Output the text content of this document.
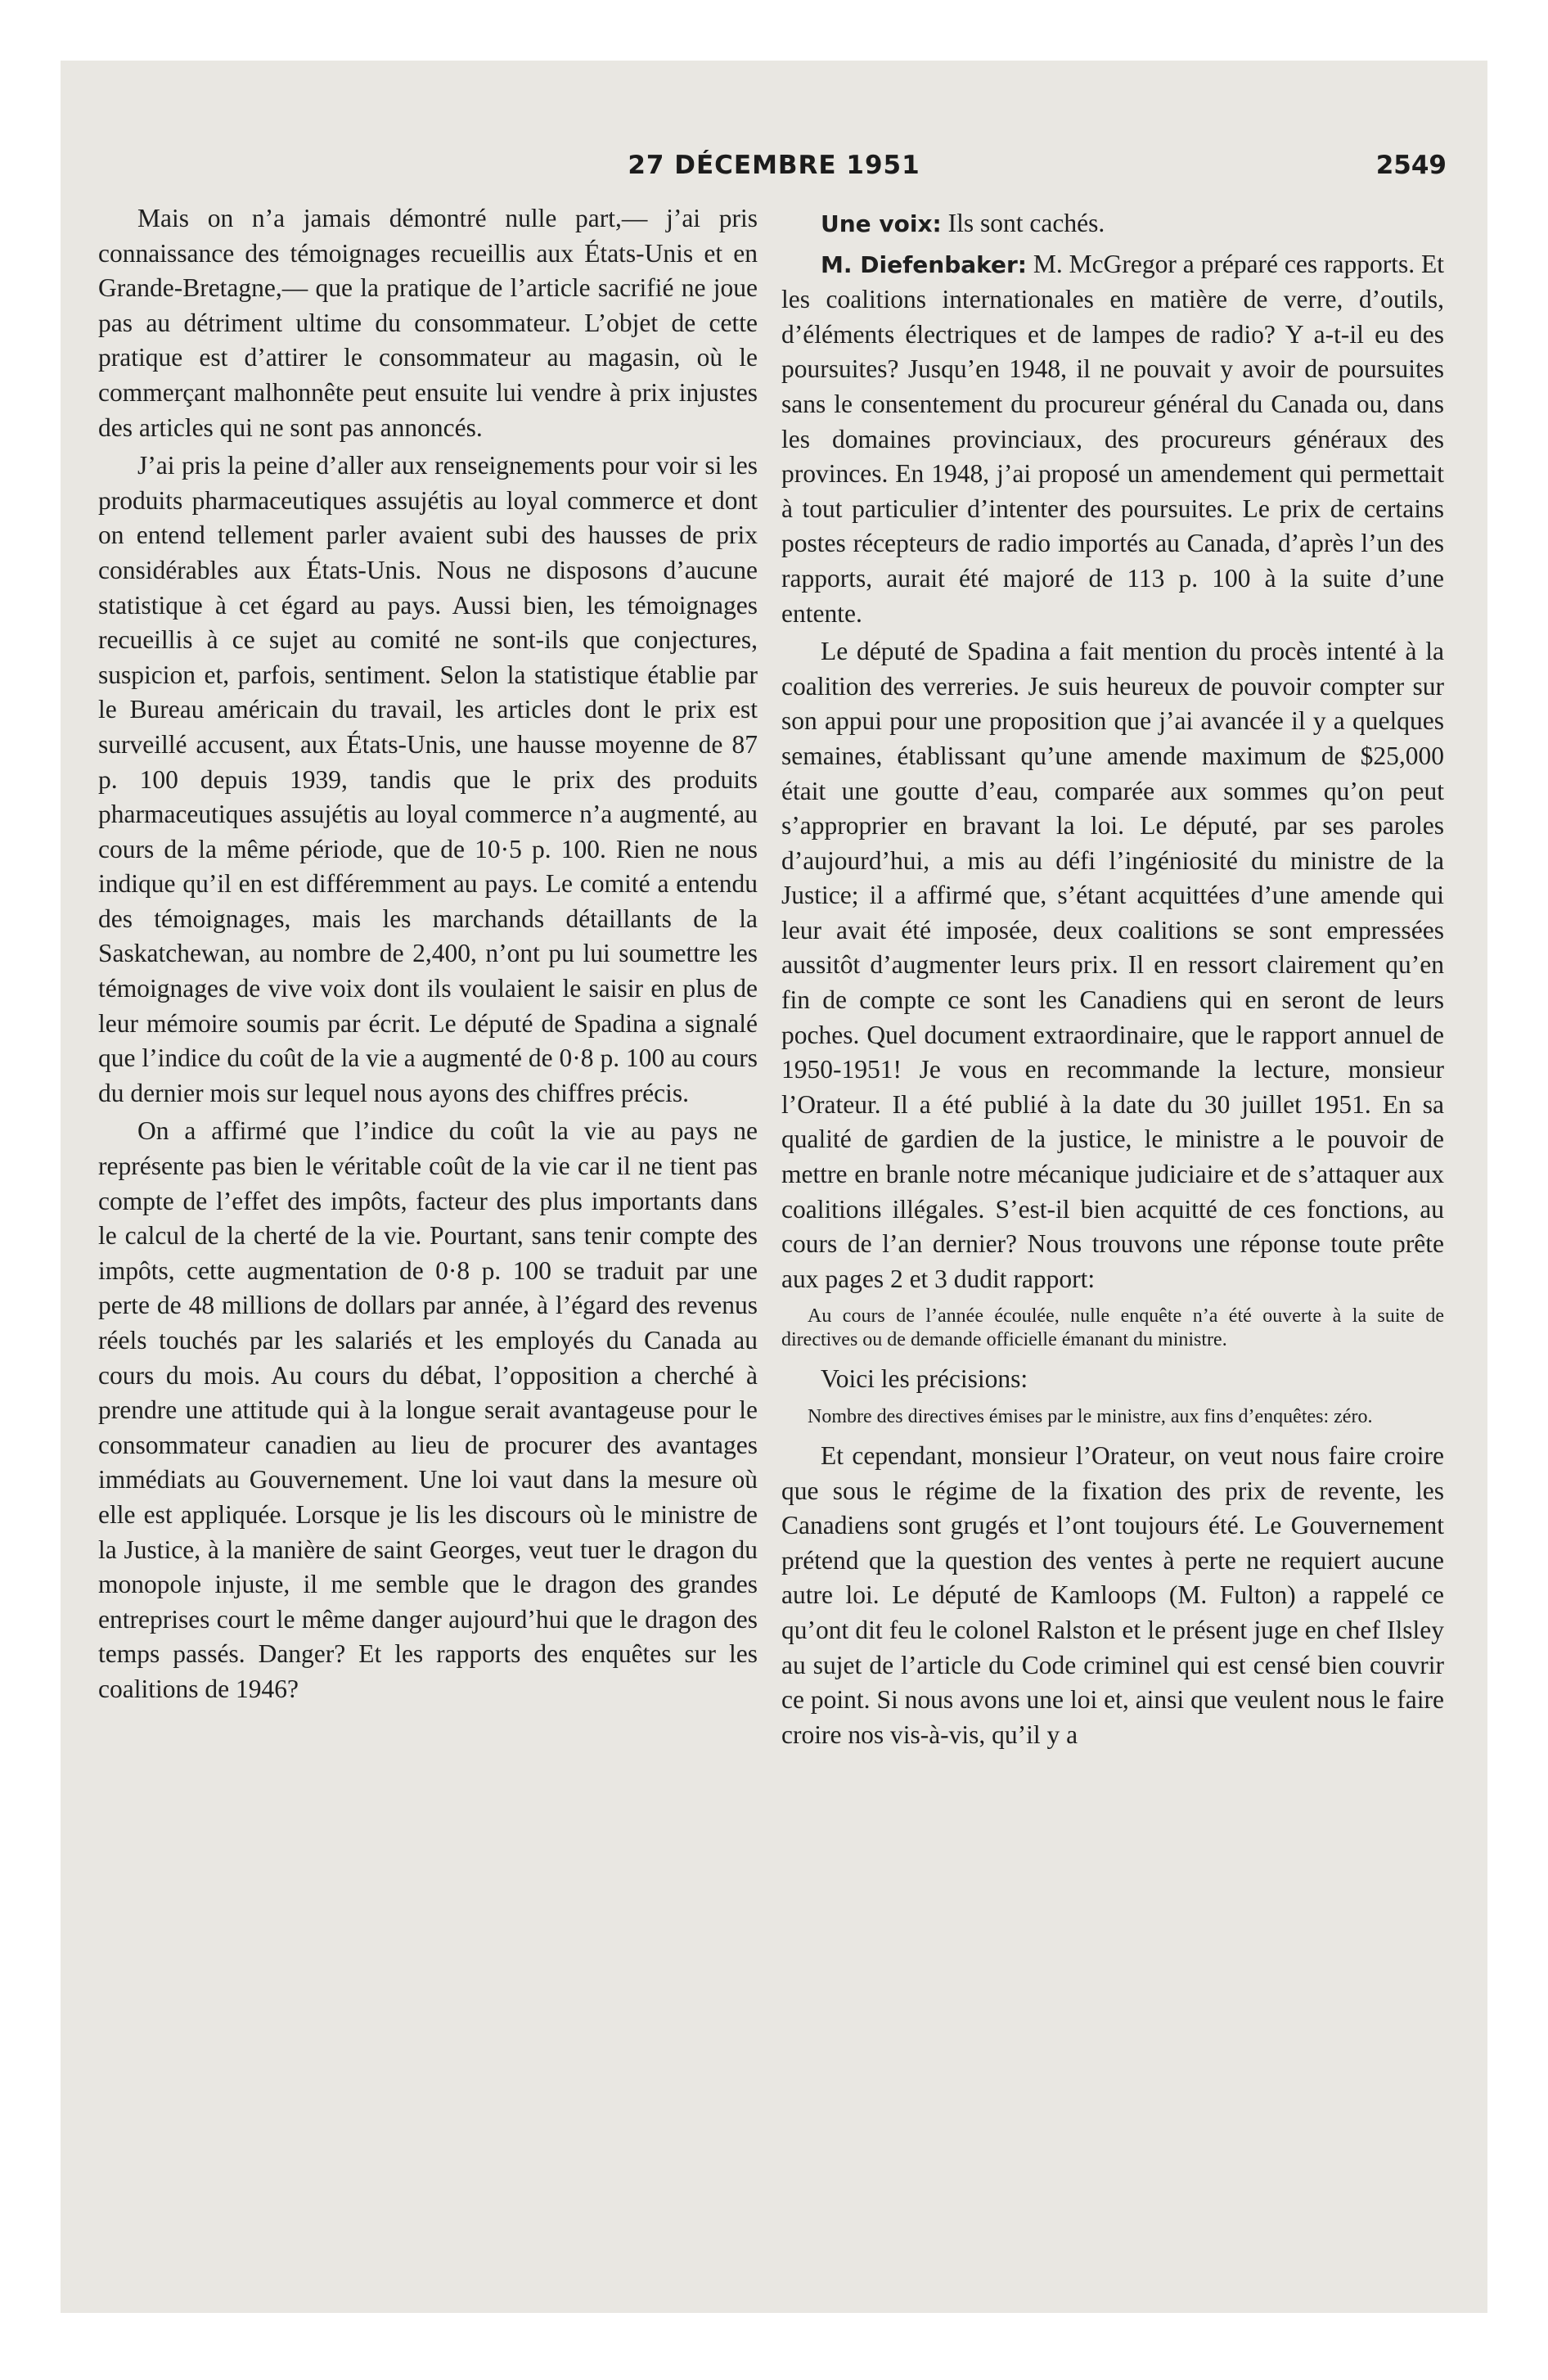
27 DÉCEMBRE 1951	2549

Mais on n’a jamais démontré nulle part,— j’ai pris connaissance des témoignages recueillis aux États-Unis et en Grande-Bretagne,— que la pratique de l’article sacrifié ne joue pas au détriment ultime du consommateur. L’objet de cette pratique est d’attirer le consommateur au magasin, où le commerçant malhonnête peut ensuite lui vendre à prix injustes des articles qui ne sont pas annoncés.

J’ai pris la peine d’aller aux renseignements pour voir si les produits pharmaceutiques assujétis au loyal commerce et dont on entend tellement parler avaient subi des hausses de prix considérables aux États-Unis. Nous ne disposons d’aucune statistique à cet égard au pays. Aussi bien, les témoignages recueillis à ce sujet au comité ne sont-ils que conjectures, suspicion et, parfois, sentiment. Selon la statistique établie par le Bureau américain du travail, les articles dont le prix est surveillé accusent, aux États-Unis, une hausse moyenne de 87 p. 100 depuis 1939, tandis que le prix des produits pharmaceutiques assujétis au loyal commerce n’a augmenté, au cours de la même période, que de 10·5 p. 100. Rien ne nous indique qu’il en est différemment au pays. Le comité a entendu des témoignages, mais les marchands détaillants de la Saskatchewan, au nombre de 2,400, n’ont pu lui soumettre les témoignages de vive voix dont ils voulaient le saisir en plus de leur mémoire soumis par écrit. Le député de Spadina a signalé que l’indice du coût de la vie a augmenté de 0·8 p. 100 au cours du dernier mois sur lequel nous ayons des chiffres précis.

On a affirmé que l’indice du coût la vie au pays ne représente pas bien le véritable coût de la vie car il ne tient pas compte de l’effet des impôts, facteur des plus importants dans le calcul de la cherté de la vie. Pourtant, sans tenir compte des impôts, cette augmentation de 0·8 p. 100 se traduit par une perte de 48 millions de dollars par année, à l’égard des revenus réels touchés par les salariés et les employés du Canada au cours du mois. Au cours du débat, l’opposition a cherché à prendre une attitude qui à la longue serait avantageuse pour le consommateur canadien au lieu de procurer des avantages immédiats au Gouvernement. Une loi vaut dans la mesure où elle est appliquée. Lorsque je lis les discours où le ministre de la Justice, à la manière de saint Georges, veut tuer le dragon du monopole injuste, il me semble que le dragon des grandes entreprises court le même danger aujourd’hui que le dragon des temps passés. Danger? Et les rapports des enquêtes sur les coalitions de 1946?

Une voix: Ils sont cachés.

M. Diefenbaker: M. McGregor a préparé ces rapports. Et les coalitions internationales en matière de verre, d’outils, d’éléments électriques et de lampes de radio? Y a-t-il eu des poursuites? Jusqu’en 1948, il ne pouvait y avoir de poursuites sans le consentement du procureur général du Canada ou, dans les domaines provinciaux, des procureurs généraux des provinces. En 1948, j’ai proposé un amendement qui permettait à tout particulier d’intenter des poursuites. Le prix de certains postes récepteurs de radio importés au Canada, d’après l’un des rapports, aurait été majoré de 113 p. 100 à la suite d’une entente.

Le député de Spadina a fait mention du procès intenté à la coalition des verreries. Je suis heureux de pouvoir compter sur son appui pour une proposition que j’ai avancée il y a quelques semaines, établissant qu’une amende maximum de $25,000 était une goutte d’eau, comparée aux sommes qu’on peut s’approprier en bravant la loi. Le député, par ses paroles d’aujourd’hui, a mis au défi l’ingéniosité du ministre de la Justice; il a affirmé que, s’étant acquittées d’une amende qui leur avait été imposée, deux coalitions se sont empressées aussitôt d’augmenter leurs prix. Il en ressort clairement qu’en fin de compte ce sont les Canadiens qui en seront de leurs poches. Quel document extraordinaire, que le rapport annuel de 1950-1951! Je vous en recommande la lecture, monsieur l’Orateur. Il a été publié à la date du 30 juillet 1951. En sa qualité de gardien de la justice, le ministre a le pouvoir de mettre en branle notre mécanique judiciaire et de s’attaquer aux coalitions illégales. S’est-il bien acquitté de ces fonctions, au cours de l’an dernier? Nous trouvons une réponse toute prête aux pages 2 et 3 dudit rapport:

Au cours de l’année écoulée, nulle enquête n’a été ouverte à la suite de directives ou de demande officielle émanant du ministre.

Voici les précisions:

Nombre des directives émises par le ministre, aux fins d’enquêtes: zéro.

Et cependant, monsieur l’Orateur, on veut nous faire croire que sous le régime de la fixation des prix de revente, les Canadiens sont grugés et l’ont toujours été. Le Gouvernement prétend que la question des ventes à perte ne requiert aucune autre loi. Le député de Kamloops (M. Fulton) a rappelé ce qu’ont dit feu le colonel Ralston et le présent juge en chef Ilsley au sujet de l’article du Code criminel qui est censé bien couvrir ce point. Si nous avons une loi et, ainsi que veulent nous le faire croire nos vis-à-vis, qu’il y a
